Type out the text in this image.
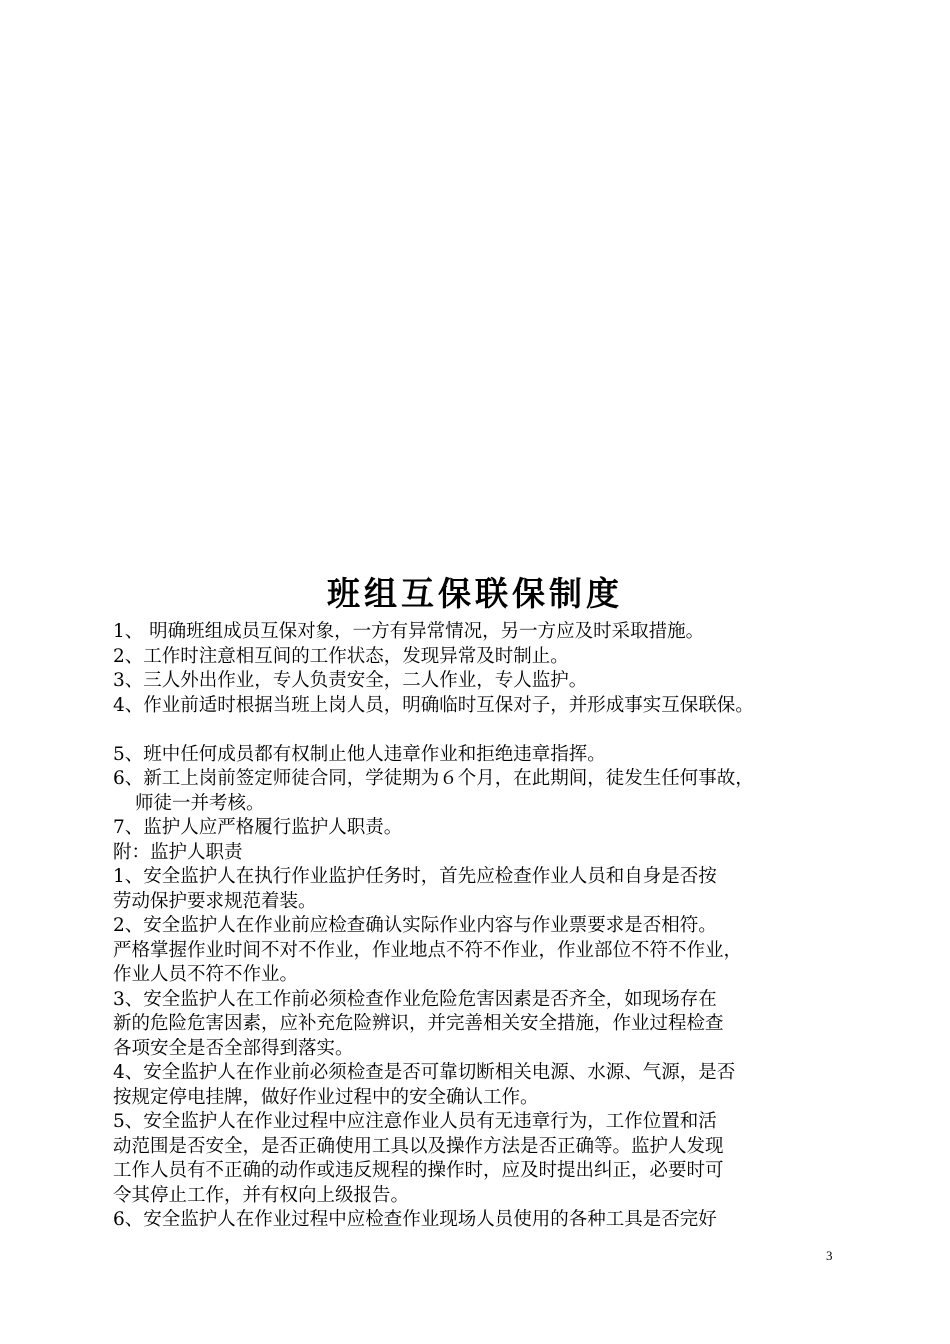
班组互保联保制度
1、 明确班组成员互保对象，一方有异常情况，另一方应及时采取措施。
2、工作时注意相互间的工作状态，发现异常及时制止。
3、三人外出作业，专人负责安全，二人作业，专人监护。
4、作业前适时根据当班上岗人员，明确临时互保对子，并形成事实互保联保。
5、班中任何成员都有权制止他人违章作业和拒绝违章指挥。
6、新工上岗前签定师徒合同，学徒期为６个月，在此期间，徒发生任何事故，
师徒一并考核。
7、监护人应严格履行监护人职责。
附：监护人职责
1、安全监护人在执行作业监护任务时，首先应检查作业人员和自身是否按
劳动保护要求规范着装。
2、安全监护人在作业前应检查确认实际作业内容与作业票要求是否相符。
严格掌握作业时间不对不作业，作业地点不符不作业，作业部位不符不作业，
作业人员不符不作业。
3、安全监护人在工作前必须检查作业危险危害因素是否齐全，如现场存在
新的危险危害因素，应补充危险辨识，并完善相关安全措施，作业过程检查
各项安全是否全部得到落实。
4、安全监护人在作业前必须检查是否可靠切断相关电源、水源、气源，是否
按规定停电挂牌，做好作业过程中的安全确认工作。
5、安全监护人在作业过程中应注意作业人员有无违章行为，工作位置和活
动范围是否安全，是否正确使用工具以及操作方法是否正确等。监护人发现
工作人员有不正确的动作或违反规程的操作时，应及时提出纠正，必要时可
令其停止工作，并有权向上级报告。
6、安全监护人在作业过程中应检查作业现场人员使用的各种工具是否完好
3
